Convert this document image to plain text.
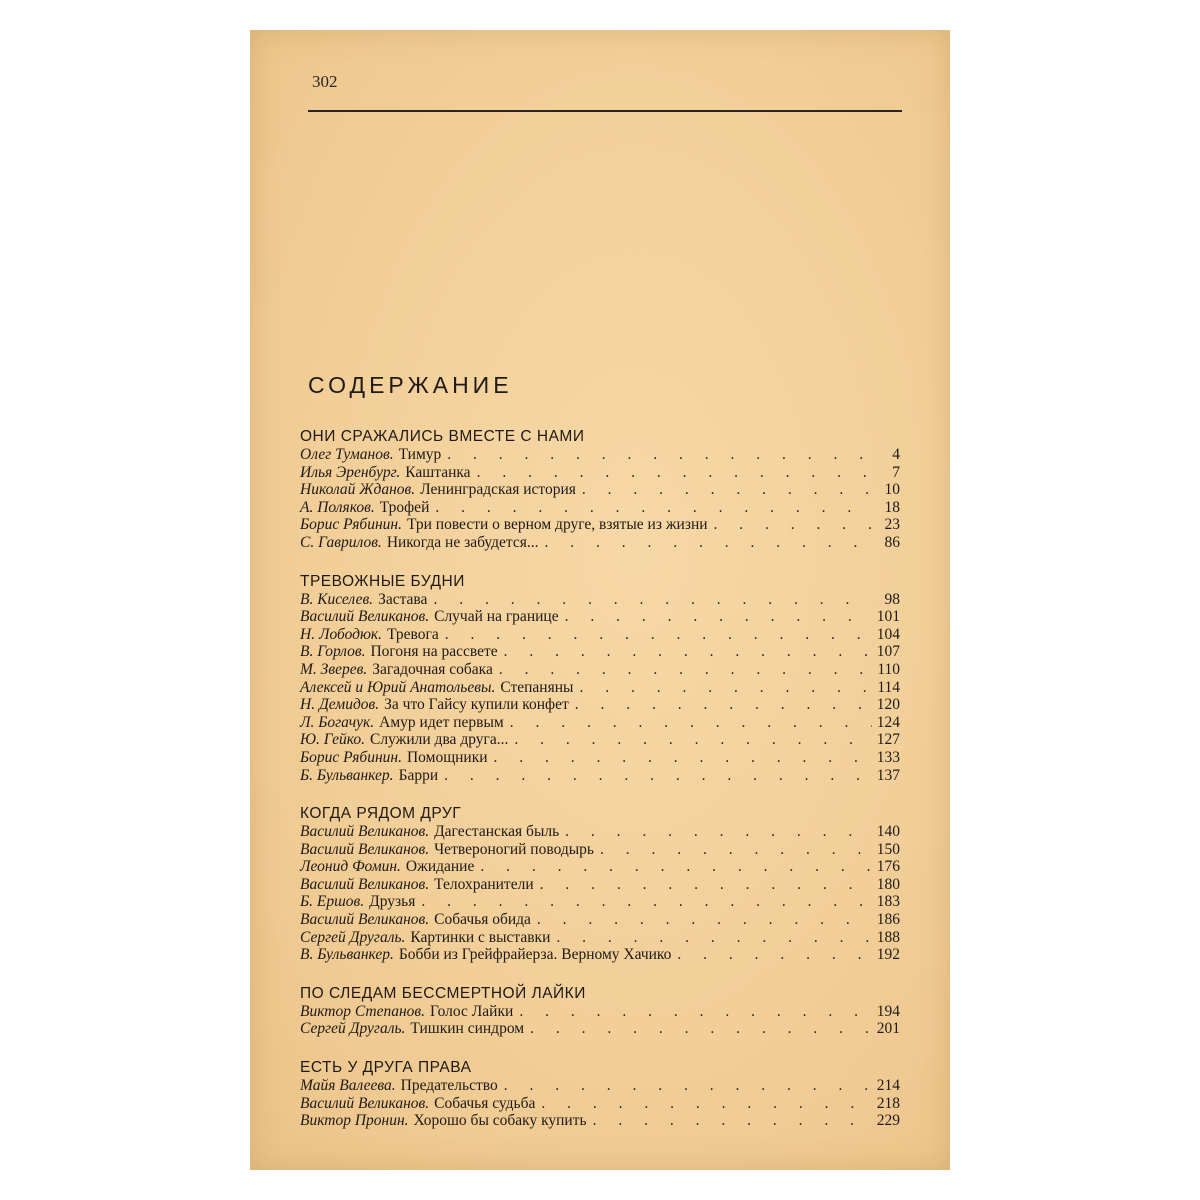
302
СОДЕРЖАНИЕ
ОНИ СРАЖАЛИСЬ ВМЕСТЕ С НАМИ
Олег Туманов. Тимур . . .	4
Илья Эренбург. Каштанка . . .	7
Николай Жданов. Ленинградская история . . .	10
А. Поляков. Трофей . . .	18
Борис Рябинин. Три повести о верном друге, взятые из жизни . . .	23
С. Гаврилов. Никогда не забудется... . . .	86
ТРЕВОЖНЫЕ БУДНИ
В. Киселев. Застава . . .	98
Василий Великанов. Случай на границе . . .	101
Н. Лободюк. Тревога . . .	104
В. Горлов. Погоня на рассвете . . .	107
М. Зверев. Загадочная собака . . .	110
Алексей и Юрий Анатольевы. Степаняны . . .	114
Н. Демидов. За что Гайсу купили конфет . . .	120
Л. Богачук. Амур идет первым . . .	124
Ю. Гейко. Служили два друга... . . .	127
Борис Рябинин. Помощники . . .	133
Б. Бульванкер. Барри . . .	137
КОГДА РЯДОМ ДРУГ
Василий Великанов. Дагестанская быль . . .	140
Василий Великанов. Четвероногий поводырь . . .	150
Леонид Фомин. Ожидание . . .	176
Василий Великанов. Телохранители . . .	180
Б. Ершов. Друзья . . .	183
Василий Великанов. Собачья обида . . .	186
Сергей Другаль. Картинки с выставки . . .	188
В. Бульванкер. Бобби из Грейфрайерза. Верному Хачико . . .	192
ПО СЛЕДАМ БЕССМЕРТНОЙ ЛАЙКИ
Виктор Степанов. Голос Лайки . . .	194
Сергей Другаль. Тишкин синдром . . .	201
ЕСТЬ У ДРУГА ПРАВА
Майя Валеева. Предательство . . .	214
Василий Великанов. Собачья судьба . . .	218
Виктор Пронин. Хорошо бы собаку купить . . .	229
